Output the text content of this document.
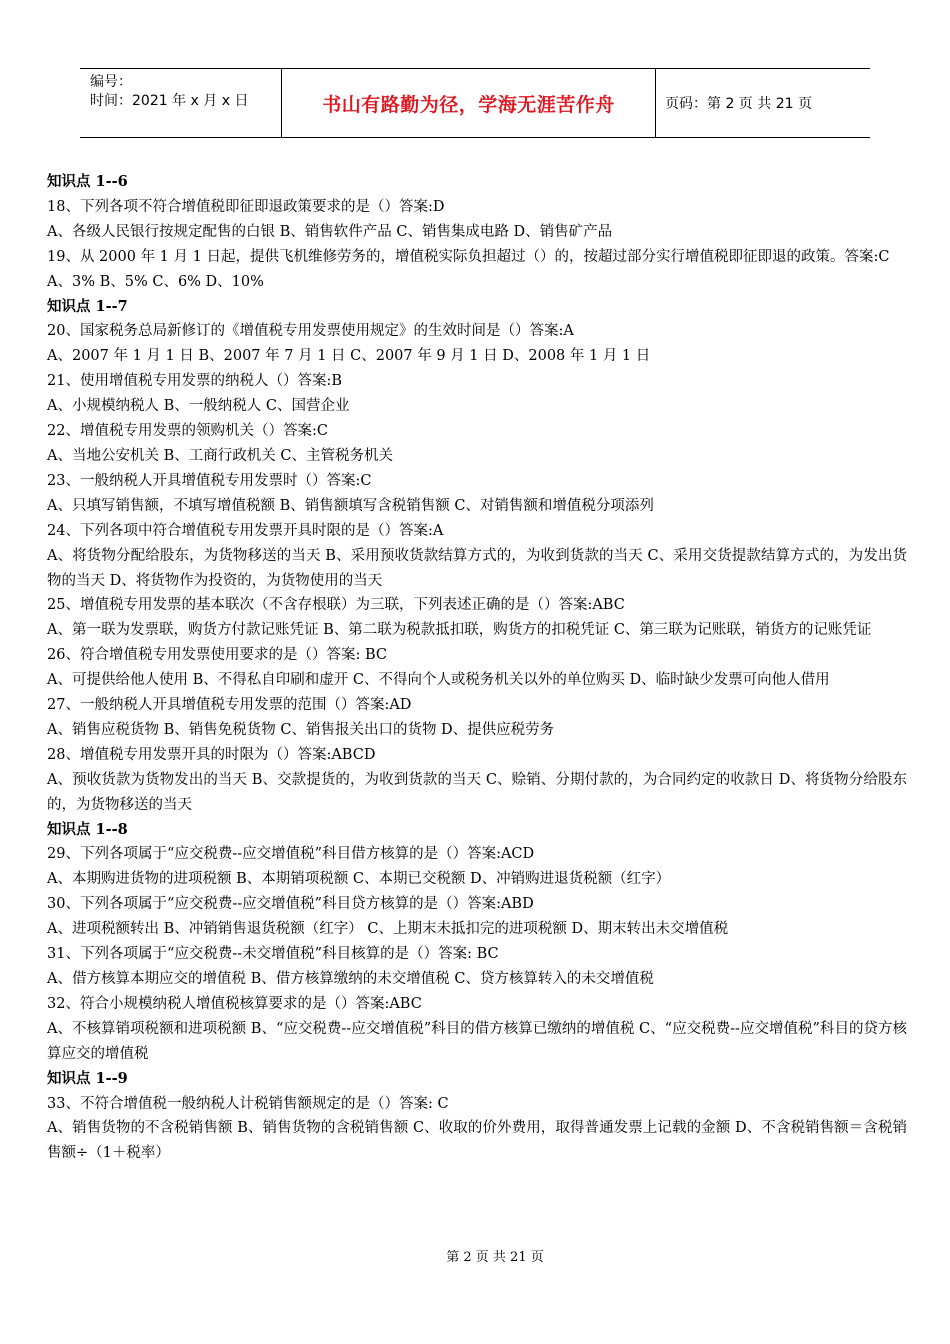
编号：
时间：2021 年 x 月 x 日	书山有路勤为径，学海无涯苦作舟	页码：第 2 页 共 21 页

知识点 1--6

18、下列各项不符合增值税即征即退政策要求的是（）答案:D

A、各级人民银行按规定配售的白银 B、销售软件产品 C、销售集成电路 D、销售矿产品

19、从 2000 年 1 月 1 日起，提供飞机维修劳务的，增值税实际负担超过（）的，按超过部分实行增值税即征即退的政策。答案:C

A、3% B、5% C、6% D、10%

知识点 1--7

20、国家税务总局新修订的《增值税专用发票使用规定》的生效时间是（）答案:A

A、2007 年 1 月 1 日 B、2007 年 7 月 1 日 C、2007 年 9 月 1 日 D、2008 年 1 月 1 日

21、使用增值税专用发票的纳税人（）答案:B

A、小规模纳税人 B、一般纳税人 C、国营企业

22、增值税专用发票的领购机关（）答案:C

A、当地公安机关 B、工商行政机关 C、主管税务机关

23、一般纳税人开具增值税专用发票时（）答案:C

A、只填写销售额，不填写增值税额 B、销售额填写含税销售额 C、对销售额和增值税分项添列

24、下列各项中符合增值税专用发票开具时限的是（）答案:A

A、将货物分配给股东，为货物移送的当天 B、采用预收货款结算方式的，为收到货款的当天 C、采用交货提款结算方式的，为发出货物的当天 D、将货物作为投资的，为货物使用的当天

25、增值税专用发票的基本联次（不含存根联）为三联，下列表述正确的是（）答案:ABC

A、第一联为发票联，购货方付款记账凭证 B、第二联为税款抵扣联，购货方的扣税凭证 C、第三联为记账联，销货方的记账凭证

26、符合增值税专用发票使用要求的是（）答案: BC

A、可提供给他人使用 B、不得私自印刷和虚开 C、不得向个人或税务机关以外的单位购买 D、临时缺少发票可向他人借用

27、一般纳税人开具增值税专用发票的范围（）答案:AD

A、销售应税货物 B、销售免税货物 C、销售报关出口的货物 D、提供应税劳务

28、增值税专用发票开具的时限为（）答案:ABCD

A、预收货款为货物发出的当天 B、交款提货的，为收到货款的当天 C、赊销、分期付款的，为合同约定的收款日 D、将货物分给股东的，为货物移送的当天

知识点 1--8

29、下列各项属于“应交税费--应交增值税”科目借方核算的是（）答案:ACD

A、本期购进货物的进项税额 B、本期销项税额 C、本期已交税额 D、冲销购进退货税额（红字）

30、下列各项属于“应交税费--应交增值税”科目贷方核算的是（）答案:ABD

A、进项税额转出 B、冲销销售退货税额（红字） C、上期末未抵扣完的进项税额 D、期末转出未交增值税

31、下列各项属于“应交税费--未交增值税”科目核算的是（）答案: BC

A、借方核算本期应交的增值税 B、借方核算缴纳的未交增值税 C、贷方核算转入的未交增值税

32、符合小规模纳税人增值税核算要求的是（）答案:ABC

A、不核算销项税额和进项税额 B、“应交税费--应交增值税”科目的借方核算已缴纳的增值税 C、“应交税费--应交增值税”科目的贷方核算应交的增值税

知识点 1--9

33、不符合增值税一般纳税人计税销售额规定的是（）答案: C

A、销售货物的不含税销售额 B、销售货物的含税销售额 C、收取的价外费用，取得普通发票上记载的金额 D、不含税销售额＝含税销售额÷（1＋税率）

第 2 页 共 21 页
